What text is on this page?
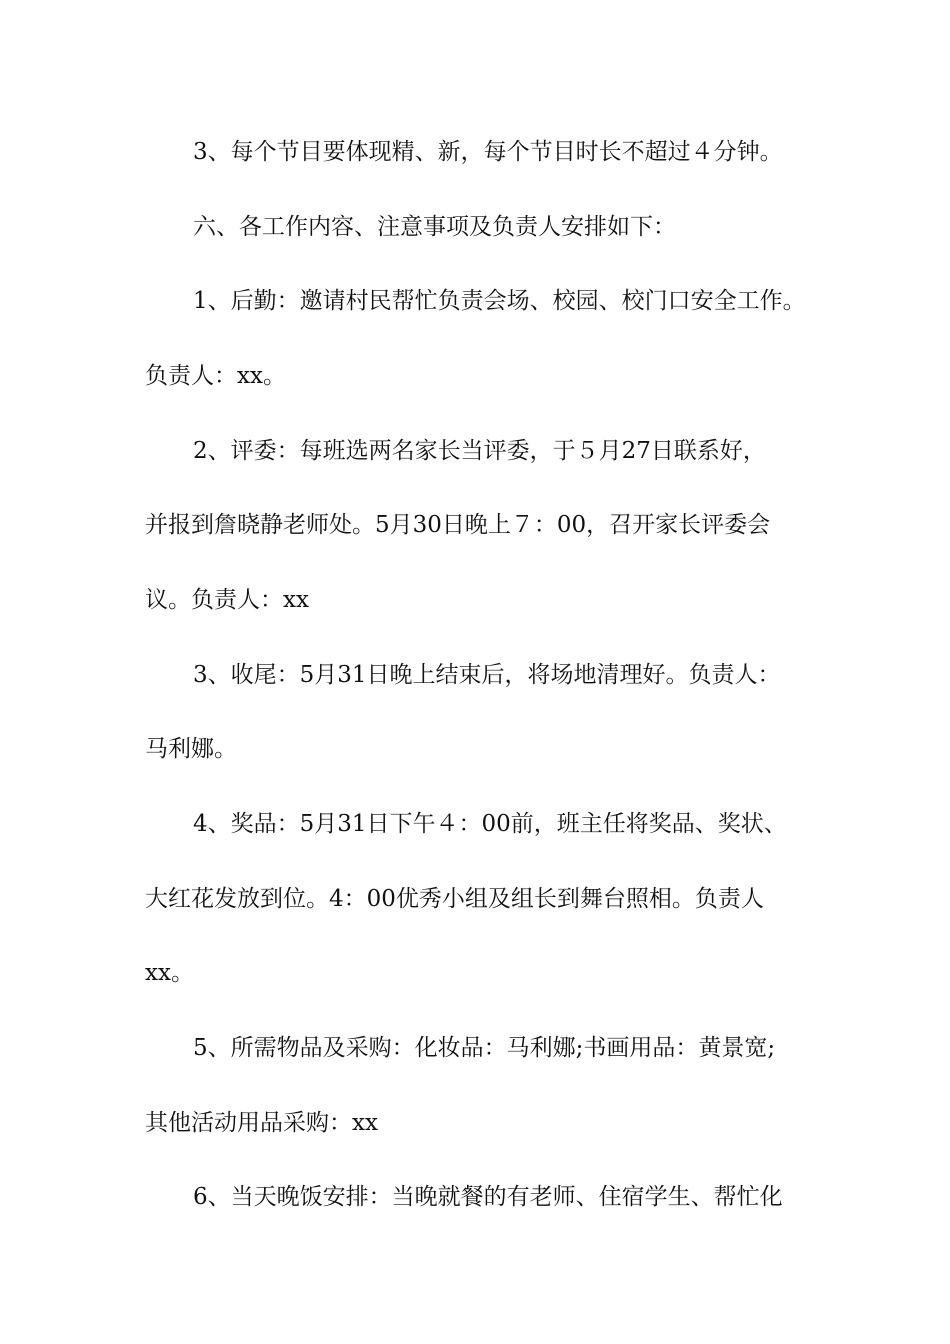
3、每个节目要体现精、新，每个节目时长不超过４分钟。
六、各工作内容、注意事项及负责人安排如下：
1、后勤：邀请村民帮忙负责会场、校园、校门口安全工作。
负责人：xx。
2、评委：每班选两名家长当评委，于５月27日联系好，
并报到詹晓静老师处。5月30日晚上７：00，召开家长评委会
议。负责人：xx
3、收尾：5月31日晚上结束后，将场地清理好。负责人：
马利娜。
4、奖品：5月31日下午４：00前，班主任将奖品、奖状、
大红花发放到位。4：00优秀小组及组长到舞台照相。负责人
xx。
5、所需物品及采购：化妆品：马利娜;书画用品：黄景宽;
其他活动用品采购：xx
6、当天晚饭安排：当晚就餐的有老师、住宿学生、帮忙化
